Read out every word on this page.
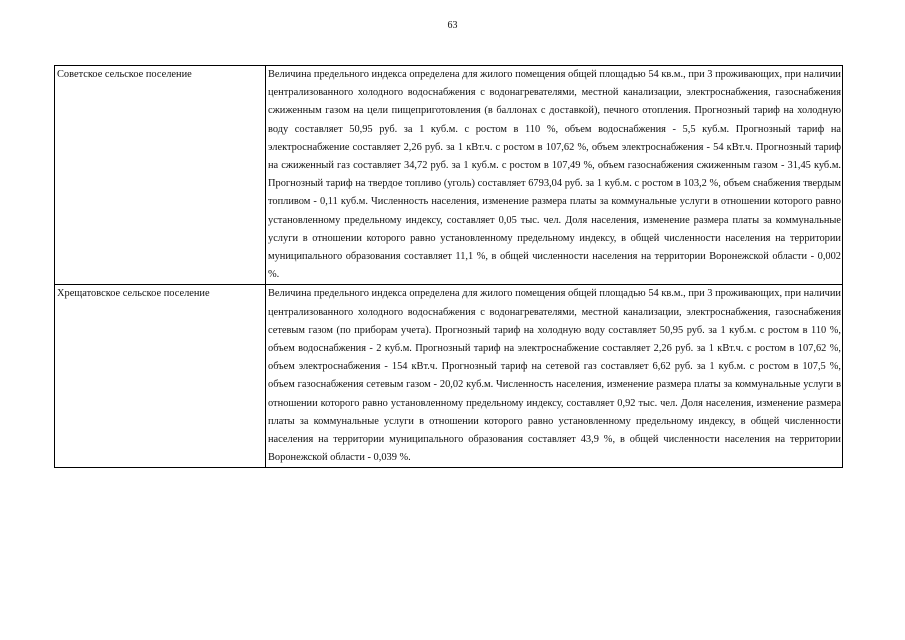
63
Советское сельское поселение	Величина предельного индекса определена для жилого помещения общей площадью 54 кв.м., при 3 проживающих, при наличии централизованного холодного водоснабжения с водонагревателями, местной канализации, электроснабжения, газоснабжения сжиженным газом на цели пищеприготовления (в баллонах с доставкой), печного отопления. Прогнозный тариф на холодную воду составляет 50,95 руб. за 1 куб.м. с ростом в 110 %, объем водоснабжения - 5,5 куб.м. Прогнозный тариф на электроснабжение составляет 2,26 руб. за 1 кВт.ч. с ростом в 107,62 %, объем электроснабжения - 54 кВт.ч. Прогнозный тариф на сжиженный газ составляет 34,72 руб. за 1 куб.м. с ростом в 107,49 %, объем газоснабжения сжиженным газом - 31,45 куб.м. Прогнозный тариф на твердое топливо (уголь) составляет 6793,04 руб. за 1 куб.м. с ростом в 103,2 %, объем снабжения твердым топливом - 0,11 куб.м. Численность населения, изменение размера платы за коммунальные услуги в отношении которого равно установленному предельному индексу, составляет 0,05 тыс. чел. Доля населения, изменение размера платы за коммунальные услуги в отношении которого равно установленному предельному индексу, в общей численности населения на территории муниципального образования составляет 11,1 %, в общей численности населения на территории Воронежской области - 0,002 %.
Хрещатовское сельское поселение	Величина предельного индекса определена для жилого помещения общей площадью 54 кв.м., при 3 проживающих, при наличии централизованного холодного водоснабжения с водонагревателями, местной канализации, электроснабжения, газоснабжения сетевым газом (по приборам учета). Прогнозный тариф на холодную воду составляет 50,95 руб. за 1 куб.м. с ростом в 110 %, объем водоснабжения - 2 куб.м. Прогнозный тариф на электроснабжение составляет 2,26 руб. за 1 кВт.ч. с ростом в 107,62 %, объем электроснабжения - 154 кВт.ч. Прогнозный тариф на сетевой газ составляет 6,62 руб. за 1 куб.м. с ростом в 107,5 %, объем газоснабжения сетевым газом - 20,02 куб.м. Численность населения, изменение размера платы за коммунальные услуги в отношении которого равно установленному предельному индексу, составляет 0,92 тыс. чел. Доля населения, изменение размера платы за коммунальные услуги в отношении которого равно установленному предельному индексу, в общей численности населения на территории муниципального образования составляет 43,9 %, в общей численности населения на территории Воронежской области - 0,039 %.
